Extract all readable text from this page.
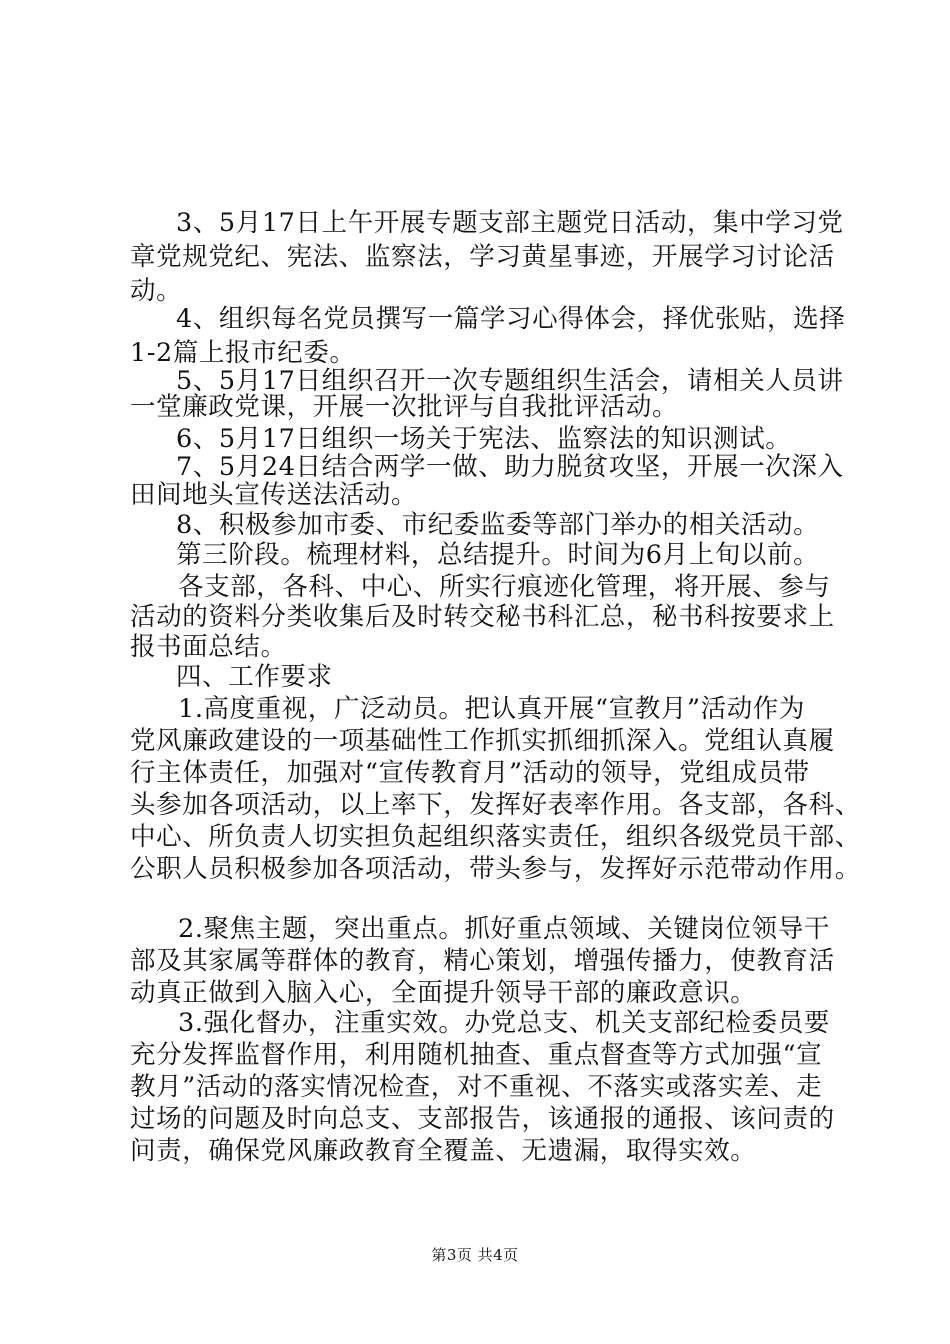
3、5月17日上午开展专题支部主题党日活动，集中学习党
章党规党纪、宪法、监察法，学习黄星事迹，开展学习讨论活
动。
4、组织每名党员撰写一篇学习心得体会，择优张贴，选择
1-2篇上报市纪委。
5、5月17日组织召开一次专题组织生活会，请相关人员讲
一堂廉政党课，开展一次批评与自我批评活动。
6、5月17日组织一场关于宪法、监察法的知识测试。
7、5月24日结合两学一做、助力脱贫攻坚，开展一次深入
田间地头宣传送法活动。
8、积极参加市委、市纪委监委等部门举办的相关活动。
第三阶段。梳理材料，总结提升。时间为6月上旬以前。
各支部，各科、中心、所实行痕迹化管理，将开展、参与
活动的资料分类收集后及时转交秘书科汇总，秘书科按要求上
报书面总结。
四、工作要求
1.高度重视，广泛动员。把认真开展“宣教月”活动作为
党风廉政建设的一项基础性工作抓实抓细抓深入。党组认真履
行主体责任，加强对“宣传教育月”活动的领导，党组成员带
头参加各项活动，以上率下，发挥好表率作用。各支部，各科、
中心、所负责人切实担负起组织落实责任，组织各级党员干部、
公职人员积极参加各项活动，带头参与，发挥好示范带动作用。
2.聚焦主题，突出重点。抓好重点领域、关键岗位领导干
部及其家属等群体的教育，精心策划，增强传播力，使教育活
动真正做到入脑入心，全面提升领导干部的廉政意识。
3.强化督办，注重实效。办党总支、机关支部纪检委员要
充分发挥监督作用，利用随机抽查、重点督查等方式加强“宣
教月”活动的落实情况检查，对不重视、不落实或落实差、走
过场的问题及时向总支、支部报告，该通报的通报、该问责的
问责，确保党风廉政教育全覆盖、无遗漏，取得实效。
第3页 共4页
